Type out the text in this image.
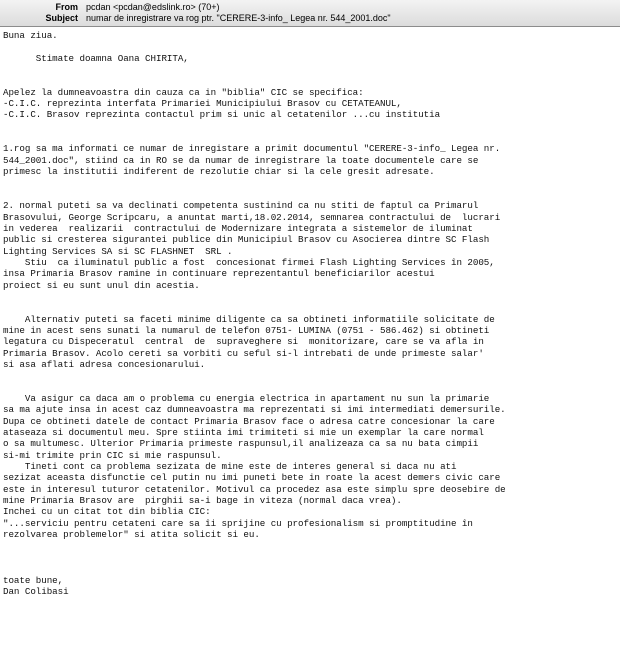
From pcdan <pcdan@edslink.ro> (70+)
Subject numar de inregistrare va rog ptr. "CERERE-3-info_ Legea nr. 544_2001.doc"
Buna ziua.
Stimate doamna Oana CHIRITA,
Apelez la dumneavoastra din cauza ca in "biblia" CIC se specifica:
-C.I.C. reprezinta interfata Primariei Municipiului Brasov cu CETATEANUL,
-C.I.C. Brasov reprezinta contactul prim si unic al cetatenilor ...cu institutia
1.rog sa ma informati ce numar de inregistare a primit documentul "CERERE-3-info_ Legea nr.
544_2001.doc", stiind ca in RO se da numar de inregistrare la toate documentele care se
primesc la institutii indiferent de rezolutie chiar si la cele gresit adresate.
2. normal puteti sa va declinati competenta sustinind ca nu stiti de faptul ca Primarul
Brasovului, George Scripcaru, a anuntat marti,18.02.2014, semnarea contractului de  lucrari
in vederea  realizarii  contractului de Modernizare integrata a sistemelor de iluminat
public si cresterea sigurantei publice din Municipiul Brasov cu Asocierea dintre SC Flash
Lighting Services SA si SC FLASHNET  SRL .
Stiu  ca iluminatul public a fost  concesionat firmei Flash Lighting Services în 2005,
insa Primaria Brasov ramine in continuare reprezentantul beneficiarilor acestui
proiect si eu sunt unul din acestia.
Alternativ puteti sa faceti minime diligente ca sa obtineti informatiile solicitate de
mine in acest sens sunati la numarul de telefon 0751- LUMINA (0751 - 586.462) si obtineti
legatura cu Dispeceratul  central  de  supraveghere si  monitorizare, care se va afla in
Primaria Brasov. Acolo cereti sa vorbiti cu seful si-l intrebati de unde primeste salar'
si asa aflati adresa concesionarului.
Va asigur ca daca am o problema cu energia electrica in apartament nu sun la primarie
sa ma ajute insa in acest caz dumneavoastra ma reprezentati si imi intermediati demersurile.
Dupa ce obtineti datele de contact Primaria Brasov face o adresa catre concesionar la care
ataseaza si documentul meu. Spre stiinta imi trimiteti si mie un exemplar la care normal
o sa multumesc. Ulterior Primaria primeste raspunsul,il analizeaza ca sa nu bata cimpii
si-mi trimite prin CIC si mie raspunsul.
Tineti cont ca problema sezizata de mine este de interes general si daca nu ati
sezizat aceasta disfunctie cel putin nu imi puneti bete in roate la acest demers civic care
este in interesul tuturor cetatenilor. Motivul ca procedez asa este simplu spre deosebire de
mine Primaria Brasov are  pirghii sa-i bage in viteza (normal daca vrea).
Inchei cu un citat tot din biblia CIC:
"...serviciu pentru cetateni care sa îi sprijine cu profesionalism si promptitudine în
rezolvarea problemelor" si atita solicit si eu.
toate bune,
Dan Colibasi
